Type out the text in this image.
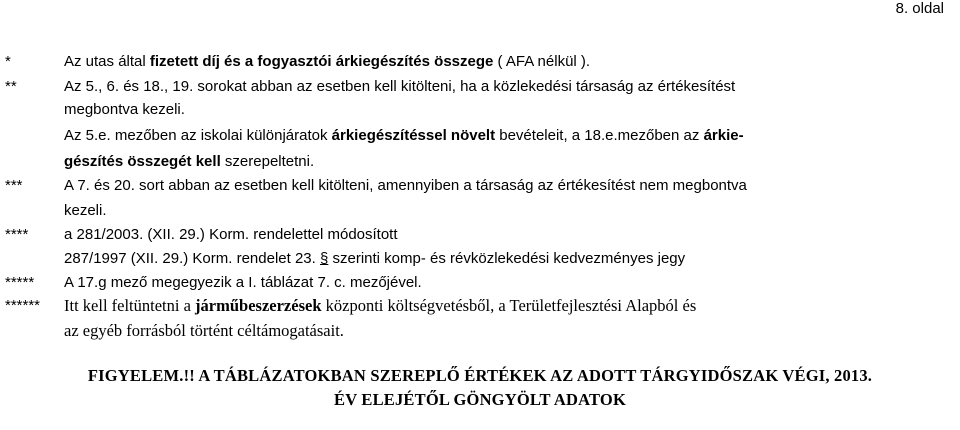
8. oldal
*	Az utas által fizetett díj és a fogyasztói árkiegészítés összege ( AFA nélkül ).
**	Az 5., 6. és 18., 19. sorokat abban az esetben kell kitölteni, ha a közlekedési társaság az értékesítést
megbontva kezeli.
Az 5.e. mezőben az iskolai különjáratok árkiegészítéssel növelt bevételeit, a 18.e.mezőben az árkie-
gészítés összegét kell szerepeltetni.
***	A 7. és 20. sort abban az esetben kell kitölteni, amennyiben a társaság az értékesítést nem megbontva
kezeli.
**** a 281/2003. (XII. 29.) Korm. rendelettel módosított
287/1997 (XII. 29.) Korm. rendelet 23. § szerinti komp- és révközlekedési kedvezményes jegy
***** A 17.g mező megegyezik a I. táblázat 7. c. mezőjével.
****** Itt kell feltüntetni a járműbeszerzések központi költségvetésből, a Területfejlesztési Alapból és
az egyéb forrásból történt céltámogatásait.
FIGYELEM.!! A TÁBLÁZATOKBAN SZEREPLŐ ÉRTÉKEK AZ ADOTT TÁRGYIDŐSZAK VÉGI, 2013.
ÉV ELEJÉTŐL GÖNGYÖLT ADATOK
